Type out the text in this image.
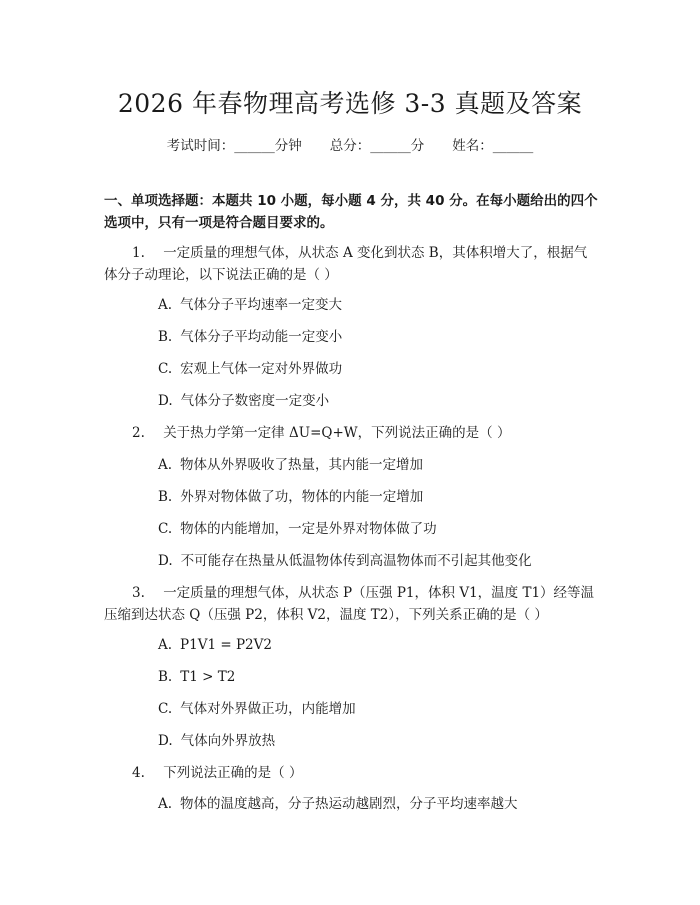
2026 年春物理高考选修 3-3 真题及答案
考试时间：______分钟 总分：______分 姓名：______
一、单项选择题：本题共 10 小题，每小题 4 分，共 40 分。在每小题给出的四个选项中，只有一项是符合题目要求的。
1. 一定质量的理想气体，从状态 A 变化到状态 B，其体积增大了，根据气体分子动理论，以下说法正确的是（ ）
A. 气体分子平均速率一定变大
B. 气体分子平均动能一定变小
C. 宏观上气体一定对外界做功
D. 气体分子数密度一定变小
2. 关于热力学第一定律 ΔU=Q+W，下列说法正确的是（ ）
A. 物体从外界吸收了热量，其内能一定增加
B. 外界对物体做了功，物体的内能一定增加
C. 物体的内能增加，一定是外界对物体做了功
D. 不可能存在热量从低温物体传到高温物体而不引起其他变化
3. 一定质量的理想气体，从状态 P（压强 P1，体积 V1，温度 T1）经等温压缩到达状态 Q（压强 P2，体积 V2，温度 T2），下列关系正确的是（ ）
A. P1V1 = P2V2
B. T1 > T2
C. 气体对外界做正功，内能增加
D. 气体向外界放热
4. 下列说法正确的是（ ）
A. 物体的温度越高，分子热运动越剧烈，分子平均速率越大
